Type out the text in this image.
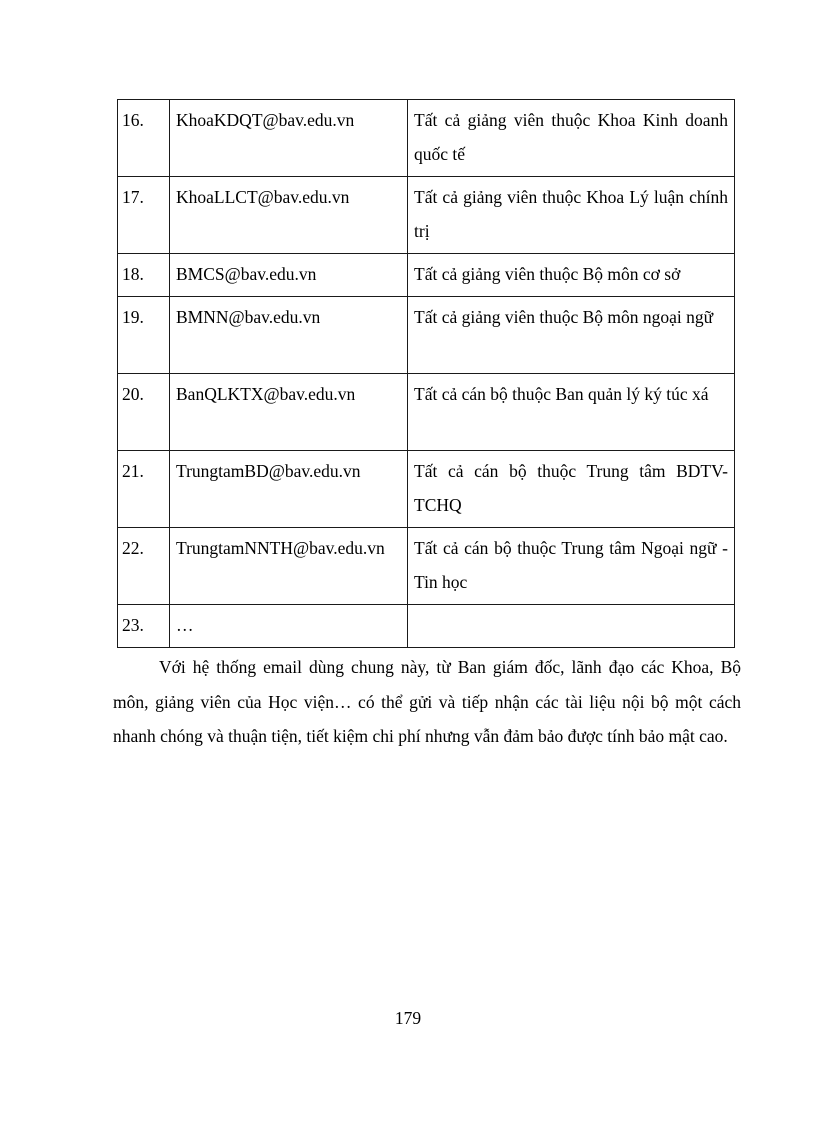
16.	KhoaKDQT@bav.edu.vn	Tất cả giảng viên thuộc Khoa Kinh doanh quốc tế
17.	KhoaLLCT@bav.edu.vn	Tất cả giảng viên thuộc Khoa Lý luận chính trị
18.	BMCS@bav.edu.vn	Tất cả giảng viên thuộc Bộ môn cơ sở
19.	BMNN@bav.edu.vn	Tất cả giảng viên thuộc Bộ môn ngoại ngữ
20.	BanQLKTX@bav.edu.vn	Tất cả cán bộ thuộc Ban quản lý ký túc xá
21.	TrungtamBD@bav.edu.vn	Tất cả cán bộ thuộc Trung tâm BDTV-TCHQ
22.	TrungtamNNTH@bav.edu.vn	Tất cả cán bộ thuộc Trung tâm Ngoại ngữ - Tin học
23.	…	

Với hệ thống email dùng chung này, từ Ban giám đốc, lãnh đạo các Khoa, Bộ môn, giảng viên của Học viện… có thể gửi và tiếp nhận các tài liệu nội bộ một cách nhanh chóng và thuận tiện, tiết kiệm chi phí nhưng vẫn đảm bảo được tính bảo mật cao.

179
